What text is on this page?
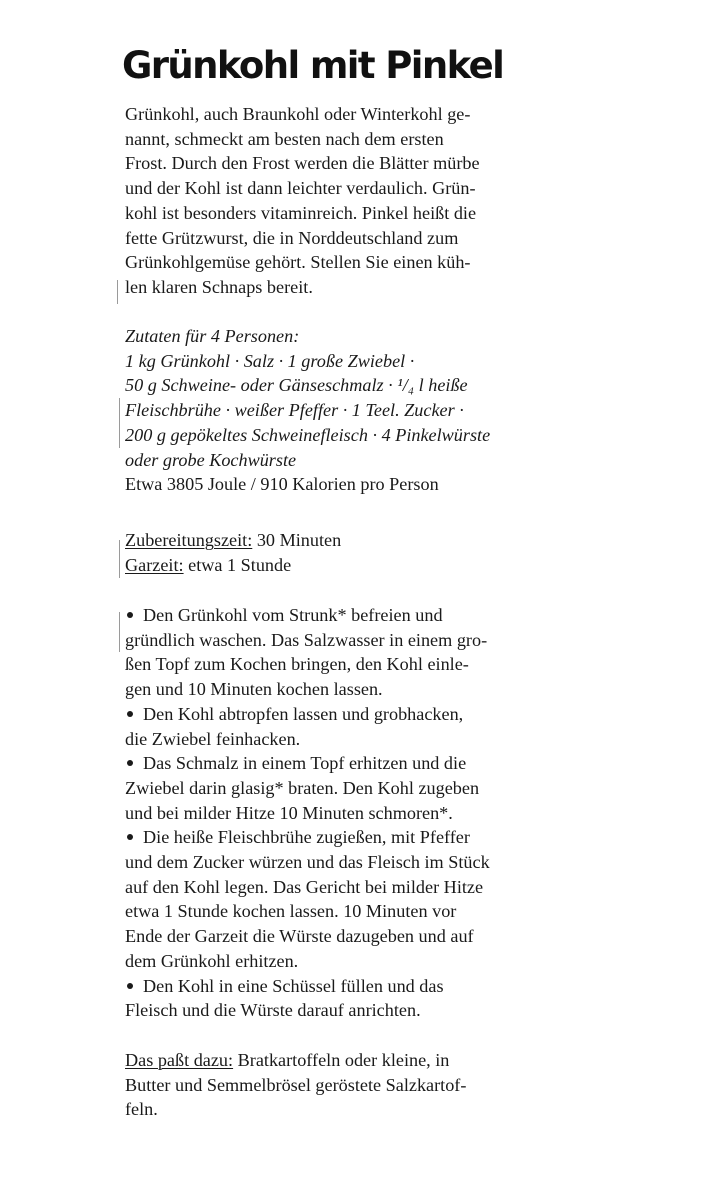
Grünkohl mit Pinkel
Grünkohl, auch Braunkohl oder Winterkohl ge-
nannt, schmeckt am besten nach dem ersten
Frost. Durch den Frost werden die Blätter mürbe
und der Kohl ist dann leichter verdaulich. Grün-
kohl ist besonders vitaminreich. Pinkel heißt die
fette Grützwurst, die in Norddeutschland zum
Grünkohlgemüse gehört. Stellen Sie einen küh-
len klaren Schnaps bereit.
Zutaten für 4 Personen:
1 kg Grünkohl · Salz · 1 große Zwiebel ·
50 g Schweine- oder Gänseschmalz · ¹/₄ l heiße
Fleischbrühe · weißer Pfeffer · 1 Teel. Zucker ·
200 g gepökeltes Schweinefleisch · 4 Pinkelwürste
oder grobe Kochwürste
Etwa 3805 Joule / 910 Kalorien pro Person
Zubereitungszeit: 30 Minuten
Garzeit: etwa 1 Stunde
Den Grünkohl vom Strunk* befreien und
gründlich waschen. Das Salzwasser in einem gro-
ßen Topf zum Kochen bringen, den Kohl einle-
gen und 10 Minuten kochen lassen.
Den Kohl abtropfen lassen und grobhacken,
die Zwiebel feinhacken.
Das Schmalz in einem Topf erhitzen und die
Zwiebel darin glasig* braten. Den Kohl zugeben
und bei milder Hitze 10 Minuten schmoren*.
Die heiße Fleischbrühe zugießen, mit Pfeffer
und dem Zucker würzen und das Fleisch im Stück
auf den Kohl legen. Das Gericht bei milder Hitze
etwa 1 Stunde kochen lassen. 10 Minuten vor
Ende der Garzeit die Würste dazugeben und auf
dem Grünkohl erhitzen.
Den Kohl in eine Schüssel füllen und das
Fleisch und die Würste darauf anrichten.
Das paßt dazu: Bratkartoffeln oder kleine, in
Butter und Semmelbrösel geröstete Salzkartof-
feln.
